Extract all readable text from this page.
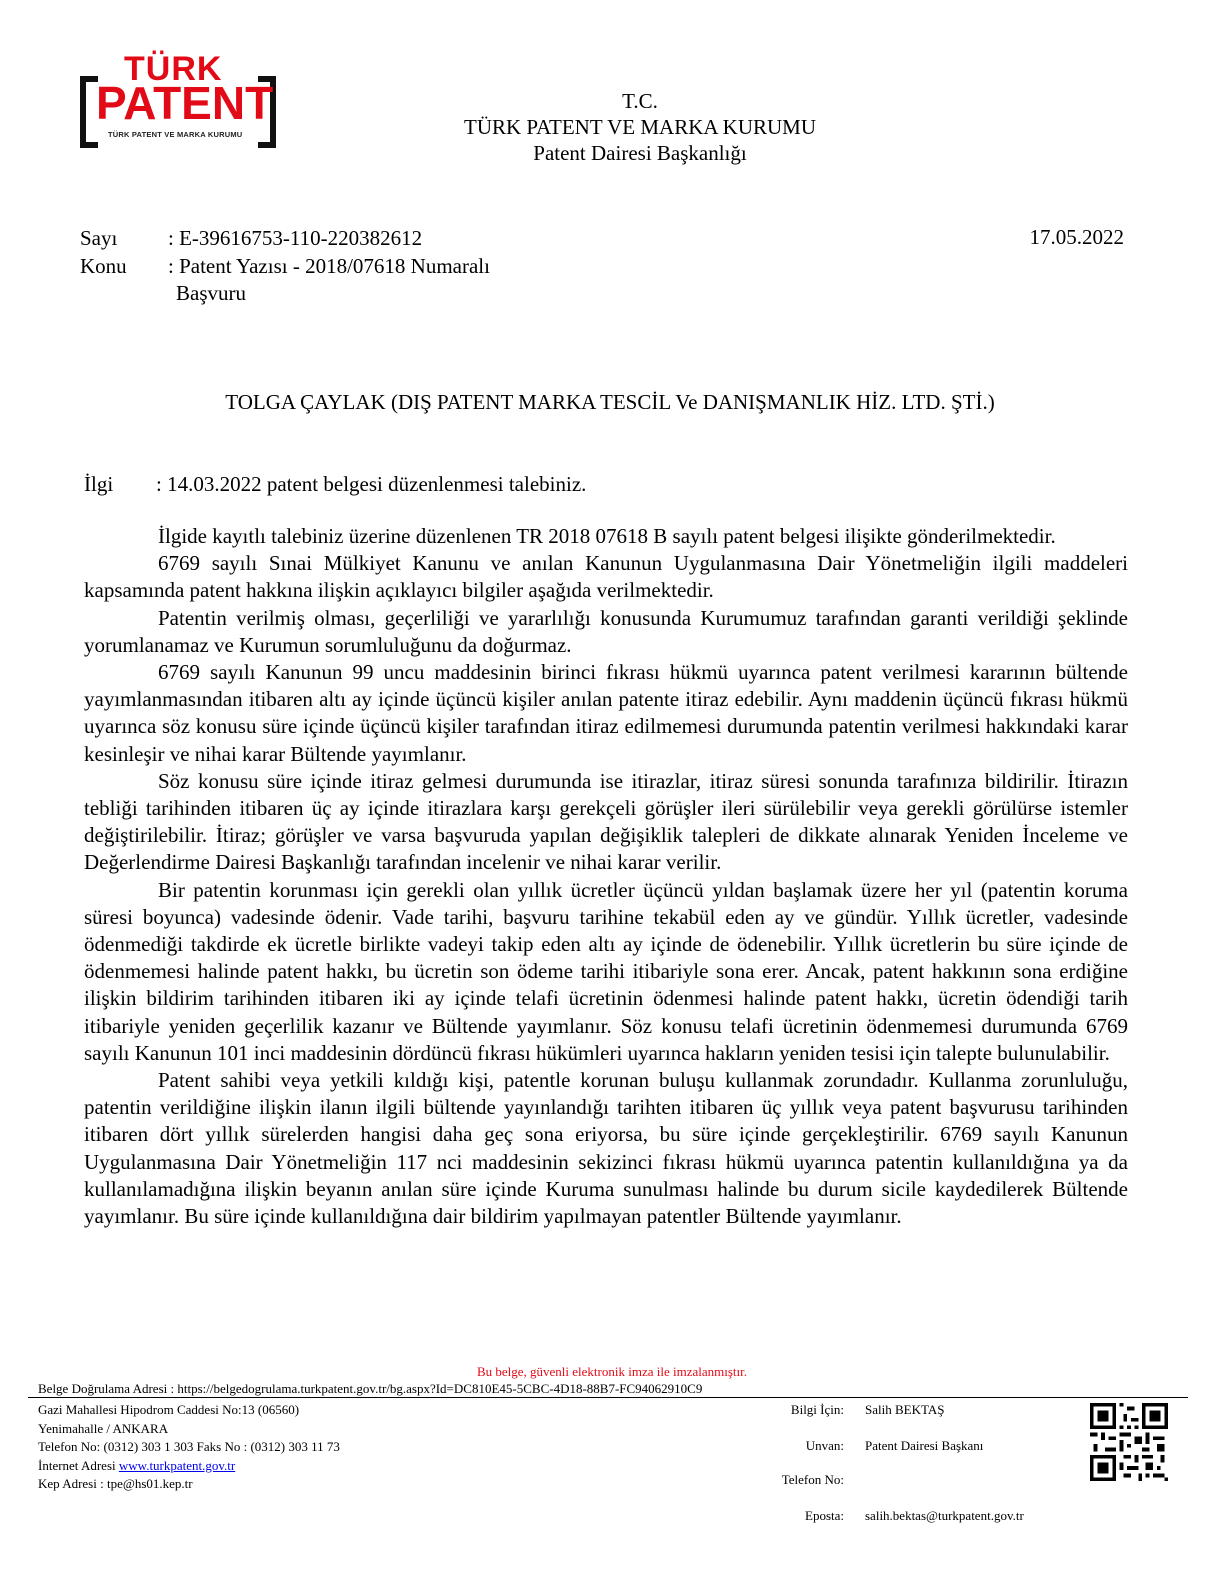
TÜRK
PATENT
TÜRK PATENT VE MARKA KURUMU
T.C.
TÜRK PATENT VE MARKA KURUMU
Patent Dairesi Başkanlığı
Sayı : E-39616753-110-220382612
Konu : Patent Yazısı - 2018/07618 Numaralı
Başvuru
17.05.2022
TOLGA ÇAYLAK (DIŞ PATENT MARKA TESCİL Ve DANIŞMANLIK HİZ. LTD. ŞTİ.)
İlgi : 14.03.2022 patent belgesi düzenlenmesi talebiniz.

İlgide kayıtlı talebiniz üzerine düzenlenen TR 2018 07618 B sayılı patent belgesi ilişikte gönderilmektedir.

6769 sayılı Sınai Mülkiyet Kanunu ve anılan Kanunun Uygulanmasına Dair Yönetmeliğin ilgili maddeleri kapsamında patent hakkına ilişkin açıklayıcı bilgiler aşağıda verilmektedir.

Patentin verilmiş olması, geçerliliği ve yararlılığı konusunda Kurumumuz tarafından garanti verildiği şeklinde yorumlanamaz ve Kurumun sorumluluğunu da doğurmaz.

6769 sayılı Kanunun 99 uncu maddesinin birinci fıkrası hükmü uyarınca patent verilmesi kararının bültende yayımlanmasından itibaren altı ay içinde üçüncü kişiler anılan patente itiraz edebilir. Aynı maddenin üçüncü fıkrası hükmü uyarınca söz konusu süre içinde üçüncü kişiler tarafından itiraz edilmemesi durumunda patentin verilmesi hakkındaki karar kesinleşir ve nihai karar Bültende yayımlanır.

Söz konusu süre içinde itiraz gelmesi durumunda ise itirazlar, itiraz süresi sonunda tarafınıza bildirilir. İtirazın tebliği tarihinden itibaren üç ay içinde itirazlara karşı gerekçeli görüşler ileri sürülebilir veya gerekli görülürse istemler değiştirilebilir. İtiraz; görüşler ve varsa başvuruda yapılan değişiklik talepleri de dikkate alınarak Yeniden İnceleme ve Değerlendirme Dairesi Başkanlığı tarafından incelenir ve nihai karar verilir.

Bir patentin korunması için gerekli olan yıllık ücretler üçüncü yıldan başlamak üzere her yıl (patentin koruma süresi boyunca) vadesinde ödenir. Vade tarihi, başvuru tarihine tekabül eden ay ve gündür. Yıllık ücretler, vadesinde ödenmediği takdirde ek ücretle birlikte vadeyi takip eden altı ay içinde de ödenebilir. Yıllık ücretlerin bu süre içinde de ödenmemesi halinde patent hakkı, bu ücretin son ödeme tarihi itibariyle sona erer. Ancak, patent hakkının sona erdiğine ilişkin bildirim tarihinden itibaren iki ay içinde telafi ücretinin ödenmesi halinde patent hakkı, ücretin ödendiği tarih itibariyle yeniden geçerlilik kazanır ve Bültende yayımlanır. Söz konusu telafi ücretinin ödenmemesi durumunda 6769 sayılı Kanunun 101 inci maddesinin dördüncü fıkrası hükümleri uyarınca hakların yeniden tesisi için talepte bulunulabilir.

Patent sahibi veya yetkili kıldığı kişi, patentle korunan buluşu kullanmak zorundadır. Kullanma zorunluluğu, patentin verildiğine ilişkin ilanın ilgili bültende yayınlandığı tarihten itibaren üç yıllık veya patent başvurusu tarihinden itibaren dört yıllık sürelerden hangisi daha geç sona eriyorsa, bu süre içinde gerçekleştirilir. 6769 sayılı Kanunun Uygulanmasına Dair Yönetmeliğin 117 nci maddesinin sekizinci fıkrası hükmü uyarınca patentin kullanıldığına ya da kullanılamadığına ilişkin beyanın anılan süre içinde Kuruma sunulması halinde bu durum sicile kaydedilerek Bültende yayımlanır. Bu süre içinde kullanıldığına dair bildirim yapılmayan patentler Bültende yayımlanır.

Bu belge, güvenli elektronik imza ile imzalanmıştır.
Belge Doğrulama Adresi : https://belgedogrulama.turkpatent.gov.tr/bg.aspx?Id=DC810E45-5CBC-4D18-88B7-FC94062910C9
Gazi Mahallesi Hipodrom Caddesi No:13 (06560)
Yenimahalle / ANKARA
Telefon No: (0312) 303 1 303 Faks No : (0312) 303 11 73
İnternet Adresi www.turkpatent.gov.tr
Kep Adresi : tpe@hs01.kep.tr
Bilgi İçin: Salih BEKTAŞ
Unvan: Patent Dairesi Başkanı
Telefon No:
Eposta: salih.bektas@turkpatent.gov.tr
